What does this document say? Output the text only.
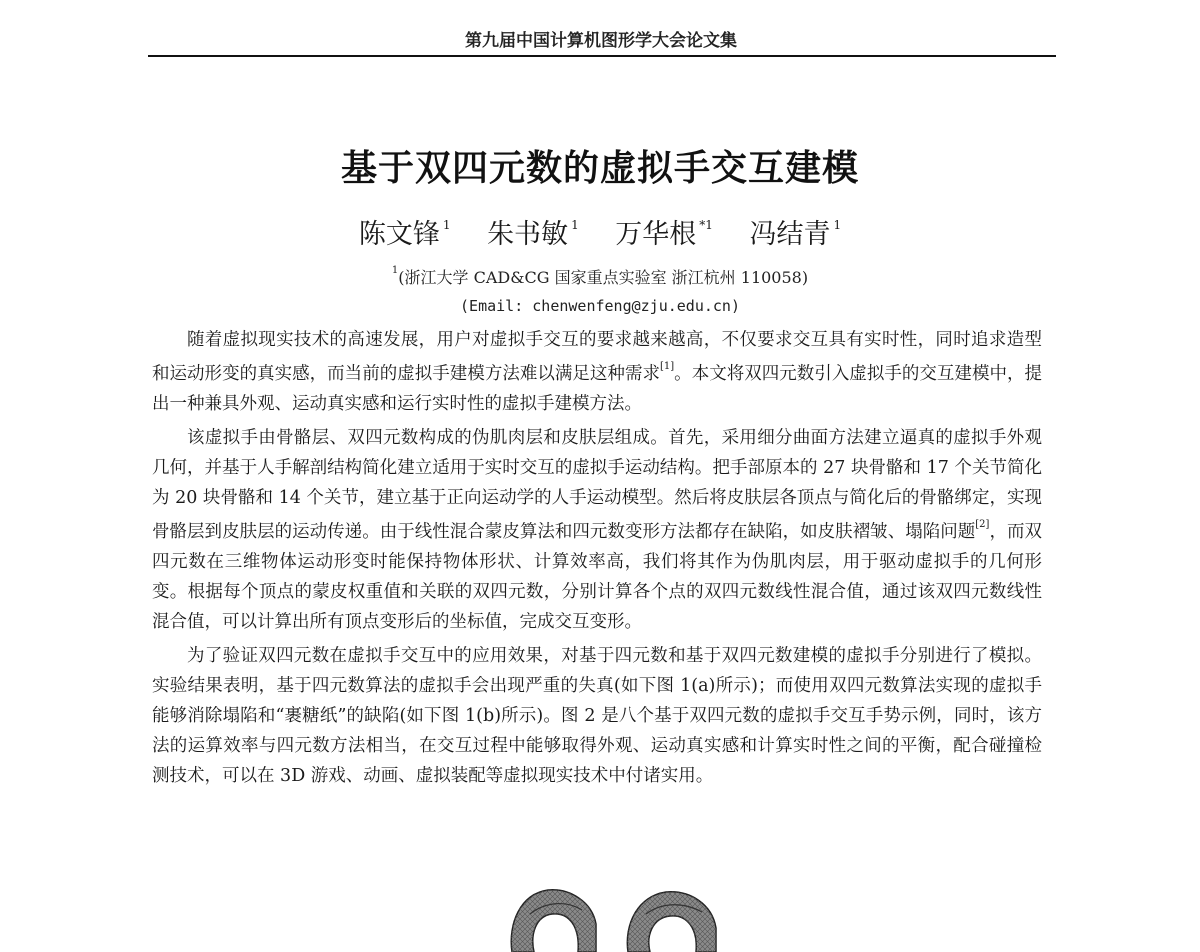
第九届中国计算机图形学大会论文集
基于双四元数的虚拟手交互建模
陈文锋 $^1$ 朱书敏 $^1$ 万华根 $^{*1}$ 冯结青 $^1$
$^1$(浙江大学 CAD&CG 国家重点实验室 浙江杭州 110058)
(Email: chenwenfeng@zju.edu.cn)

随着虚拟现实技术的高速发展，用户对虚拟手交互的要求越来越高，不仅要求交互具有实时性，同时追求造型和运动形变的真实感，而当前的虚拟手建模方法难以满足这种需求[1]。本文将双四元数引入虚拟手的交互建模中，提出一种兼具外观、运动真实感和运行实时性的虚拟手建模方法。

该虚拟手由骨骼层、双四元数构成的伪肌肉层和皮肤层组成。首先，采用细分曲面方法建立逼真的虚拟手外观几何，并基于人手解剖结构简化建立适用于实时交互的虚拟手运动结构。把手部原本的 27 块骨骼和 17 个关节简化为 20 块骨骼和 14 个关节，建立基于正向运动学的人手运动模型。然后将皮肤层各顶点与简化后的骨骼绑定，实现骨骼层到皮肤层的运动传递。由于线性混合蒙皮算法和四元数变形方法都存在缺陷，如皮肤褶皱、塌陷问题[2]，而双四元数在三维物体运动形变时能保持物体形状、计算效率高，我们将其作为伪肌肉层，用于驱动虚拟手的几何形变。根据每个顶点的蒙皮权重值和关联的双四元数，分别计算各个点的双四元数线性混合值，通过该双四元数线性混合值，可以计算出所有顶点变形后的坐标值，完成交互变形。

为了验证双四元数在虚拟手交互中的应用效果，对基于四元数和基于双四元数建模的虚拟手分别进行了模拟。实验结果表明，基于四元数算法的虚拟手会出现严重的失真(如下图 1(a)所示)；而使用双四元数算法实现的虚拟手能够消除塌陷和“裹糖纸”的缺陷(如下图 1(b)所示)。图 2 是八个基于双四元数的虚拟手交互手势示例，同时，该方法的运算效率与四元数方法相当，在交互过程中能够取得外观、运动真实感和计算实时性之间的平衡，配合碰撞检测技术，可以在 3D 游戏、动画、虚拟装配等虚拟现实技术中付诸实用。
